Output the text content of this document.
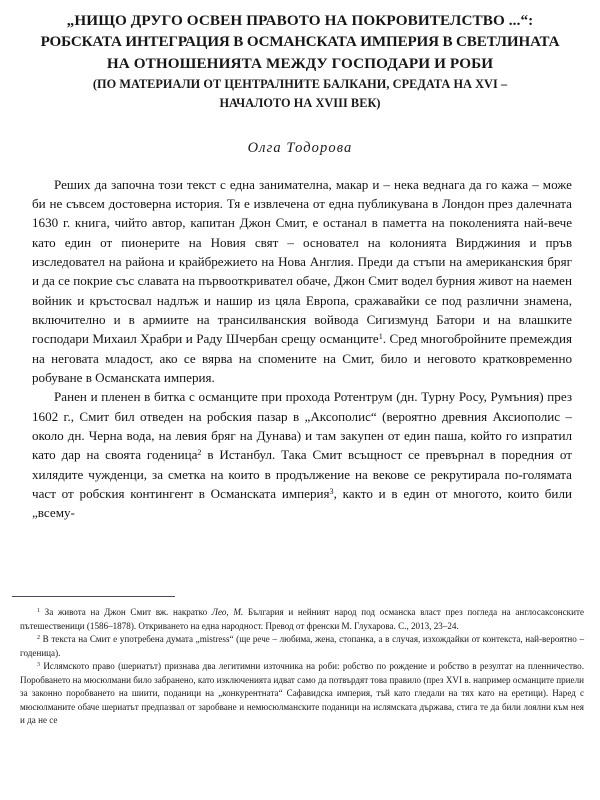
„НИЩО ДРУГО ОСВЕН ПРАВОТО НА ПОКРОВИТЕЛСТВО ...“:
РОБСКАТА ИНТЕГРАЦИЯ В ОСМАНСКАТА ИМПЕРИЯ В СВЕТЛИНАТА
НА ОТНОШЕНИЯТА МЕЖДУ ГОСПОДАРИ И РОБИ
(ПО МАТЕРИАЛИ ОТ ЦЕНТРАЛНИТЕ БАЛКАНИ, СРЕДАТА НА XVI –
НАЧАЛОТО НА XVIII ВЕК)
Олга Тодорова

Реших да започна този текст с една занимателна, макар и – нека веднага да го кажа – може би не съвсем достоверна история. Тя е извлечена от една публикувана в Лондон през далечната 1630 г. книга, чийто автор, капитан Джон Смит, е останал в паметта на поколенията най-вече като един от пионерите на Новия свят – основател на колонията Вирджиния и пръв изследовател на района и крайбрежието на Нова Англия. Преди да стъпи на американския бряг и да се покрие със славата на първооткривател обаче, Джон Смит водел бурния живот на наемен войник и кръстосвал надлъж и нашир из цяла Европа, сражавайки се под различни знамена, включително и в армиите на трансилванския войвода Сигизмунд Батори и на влашките господари Михаил Храбри и Раду Шчербан срещу османците$^1$. Сред многобройните премеждия на неговата младост, ако се вярва на спомените на Смит, било и неговото кратковременно робуване в Османската империя.

Ранен и пленен в битка с османците при прохода Ротентрум (дн. Турну Росу, Румъния) през 1602 г., Смит бил отведен на робския пазар в „Аксополис“ (вероятно древния Аксиополис – около дн. Черна вода, на левия бряг на Дунава) и там закупен от един паша, който го изпратил като дар на своята годеница$^2$ в Истанбул. Така Смит всъщност се превърнал в поредния от хилядите чужденци, за сметка на които в продължение на векове се рекрутирала по-голямата част от робския контингент в Османската империя$^3$, както и в един от многото, които били „всему-

$^1$ За живота на Джон Смит вж. накратко Лео, М. България и нейният народ под османска власт през погледа на англосаксонските пътешественици (1586–1878). Откриването на една народност. Превод от френски М. Глухарова. С., 2013, 23–24.

$^2$ В текста на Смит е употребена думата „mistress“ (ще рече – любима, жена, стопанка, а в случая, изхождайки от контекста, най-вероятно – годеница).

$^3$ Ислямското право (шериатът) признава два легитимни източника на роби: робство по рождение и робство в резултат на пленничество. Поробването на мюсюлмани било забранено, като изключенията идват само да потвърдят това правило (през XVI в. например османците приели за законно поробването на шиити, поданици на „конкурентната“ Сафавидска империя, тъй като гледали на тях като на еретици). Наред с мюсюлманите обаче шериатът предпазвал от заробване и немюсюлманските поданици на ислямската държава, стига те да били лоялни към нея и да не се
